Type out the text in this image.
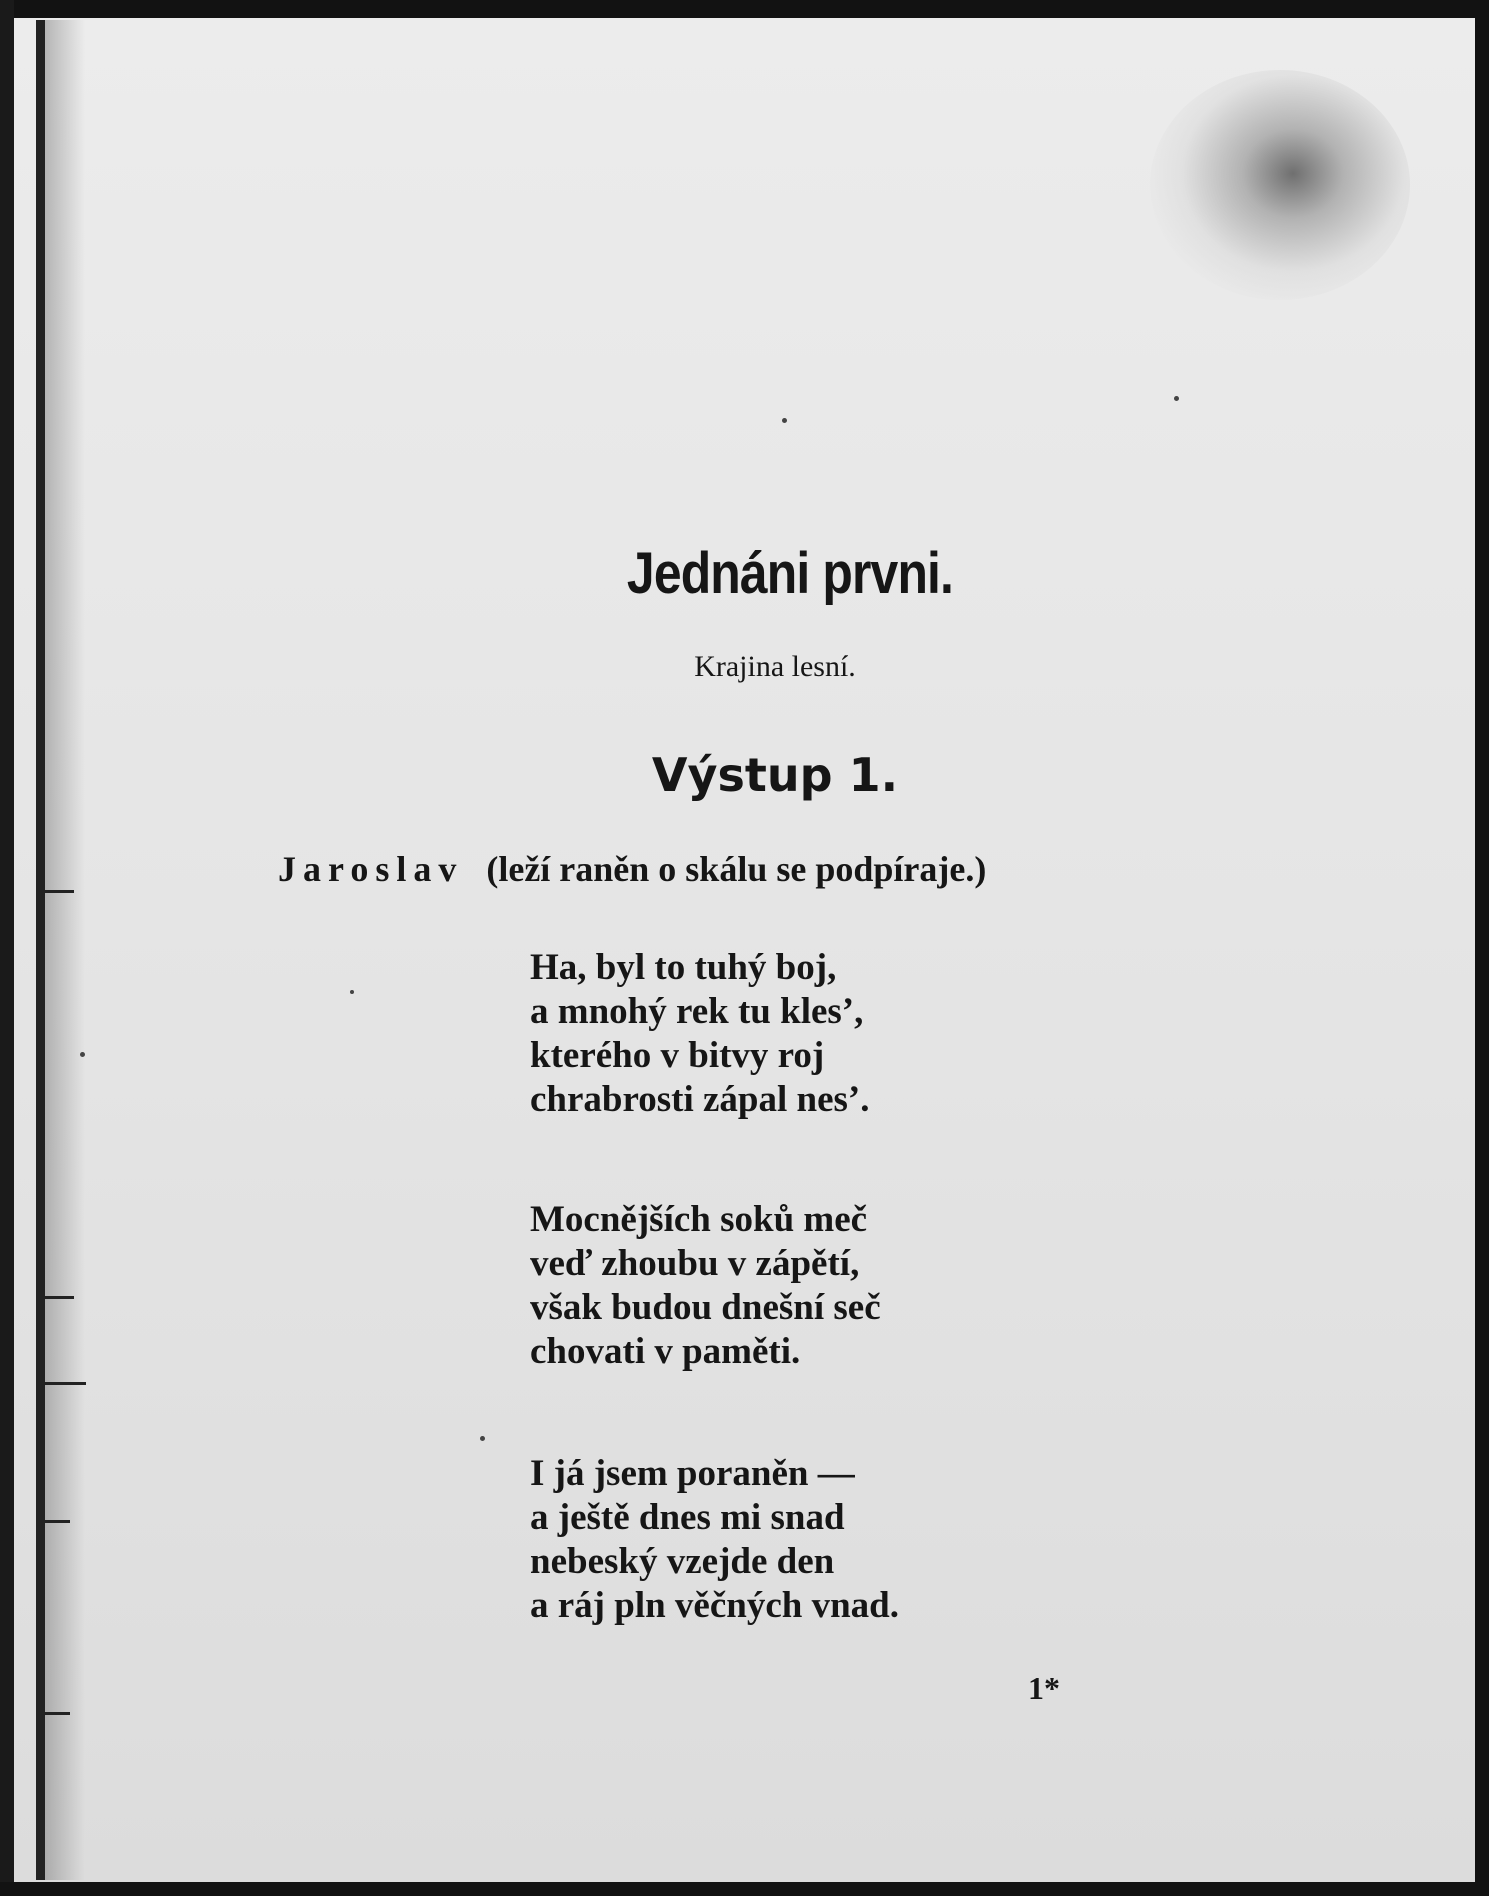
Jednáni prvni.
Krajina lesní.
Výstup 1.
Jaroslav (leží raněn o skálu se podpíraje.)
Ha, byl to tuhý boj,
a mnohý rek tu kles’,
kterého v bitvy roj
chrabrosti zápal nes’.
Mocnějších soků meč
veď zhoubu v zápětí,
však budou dnešní seč
chovati v paměti.
I já jsem poraněn —
a ještě dnes mi snad
nebeský vzejde den
a ráj pln věčných vnad.
1*
